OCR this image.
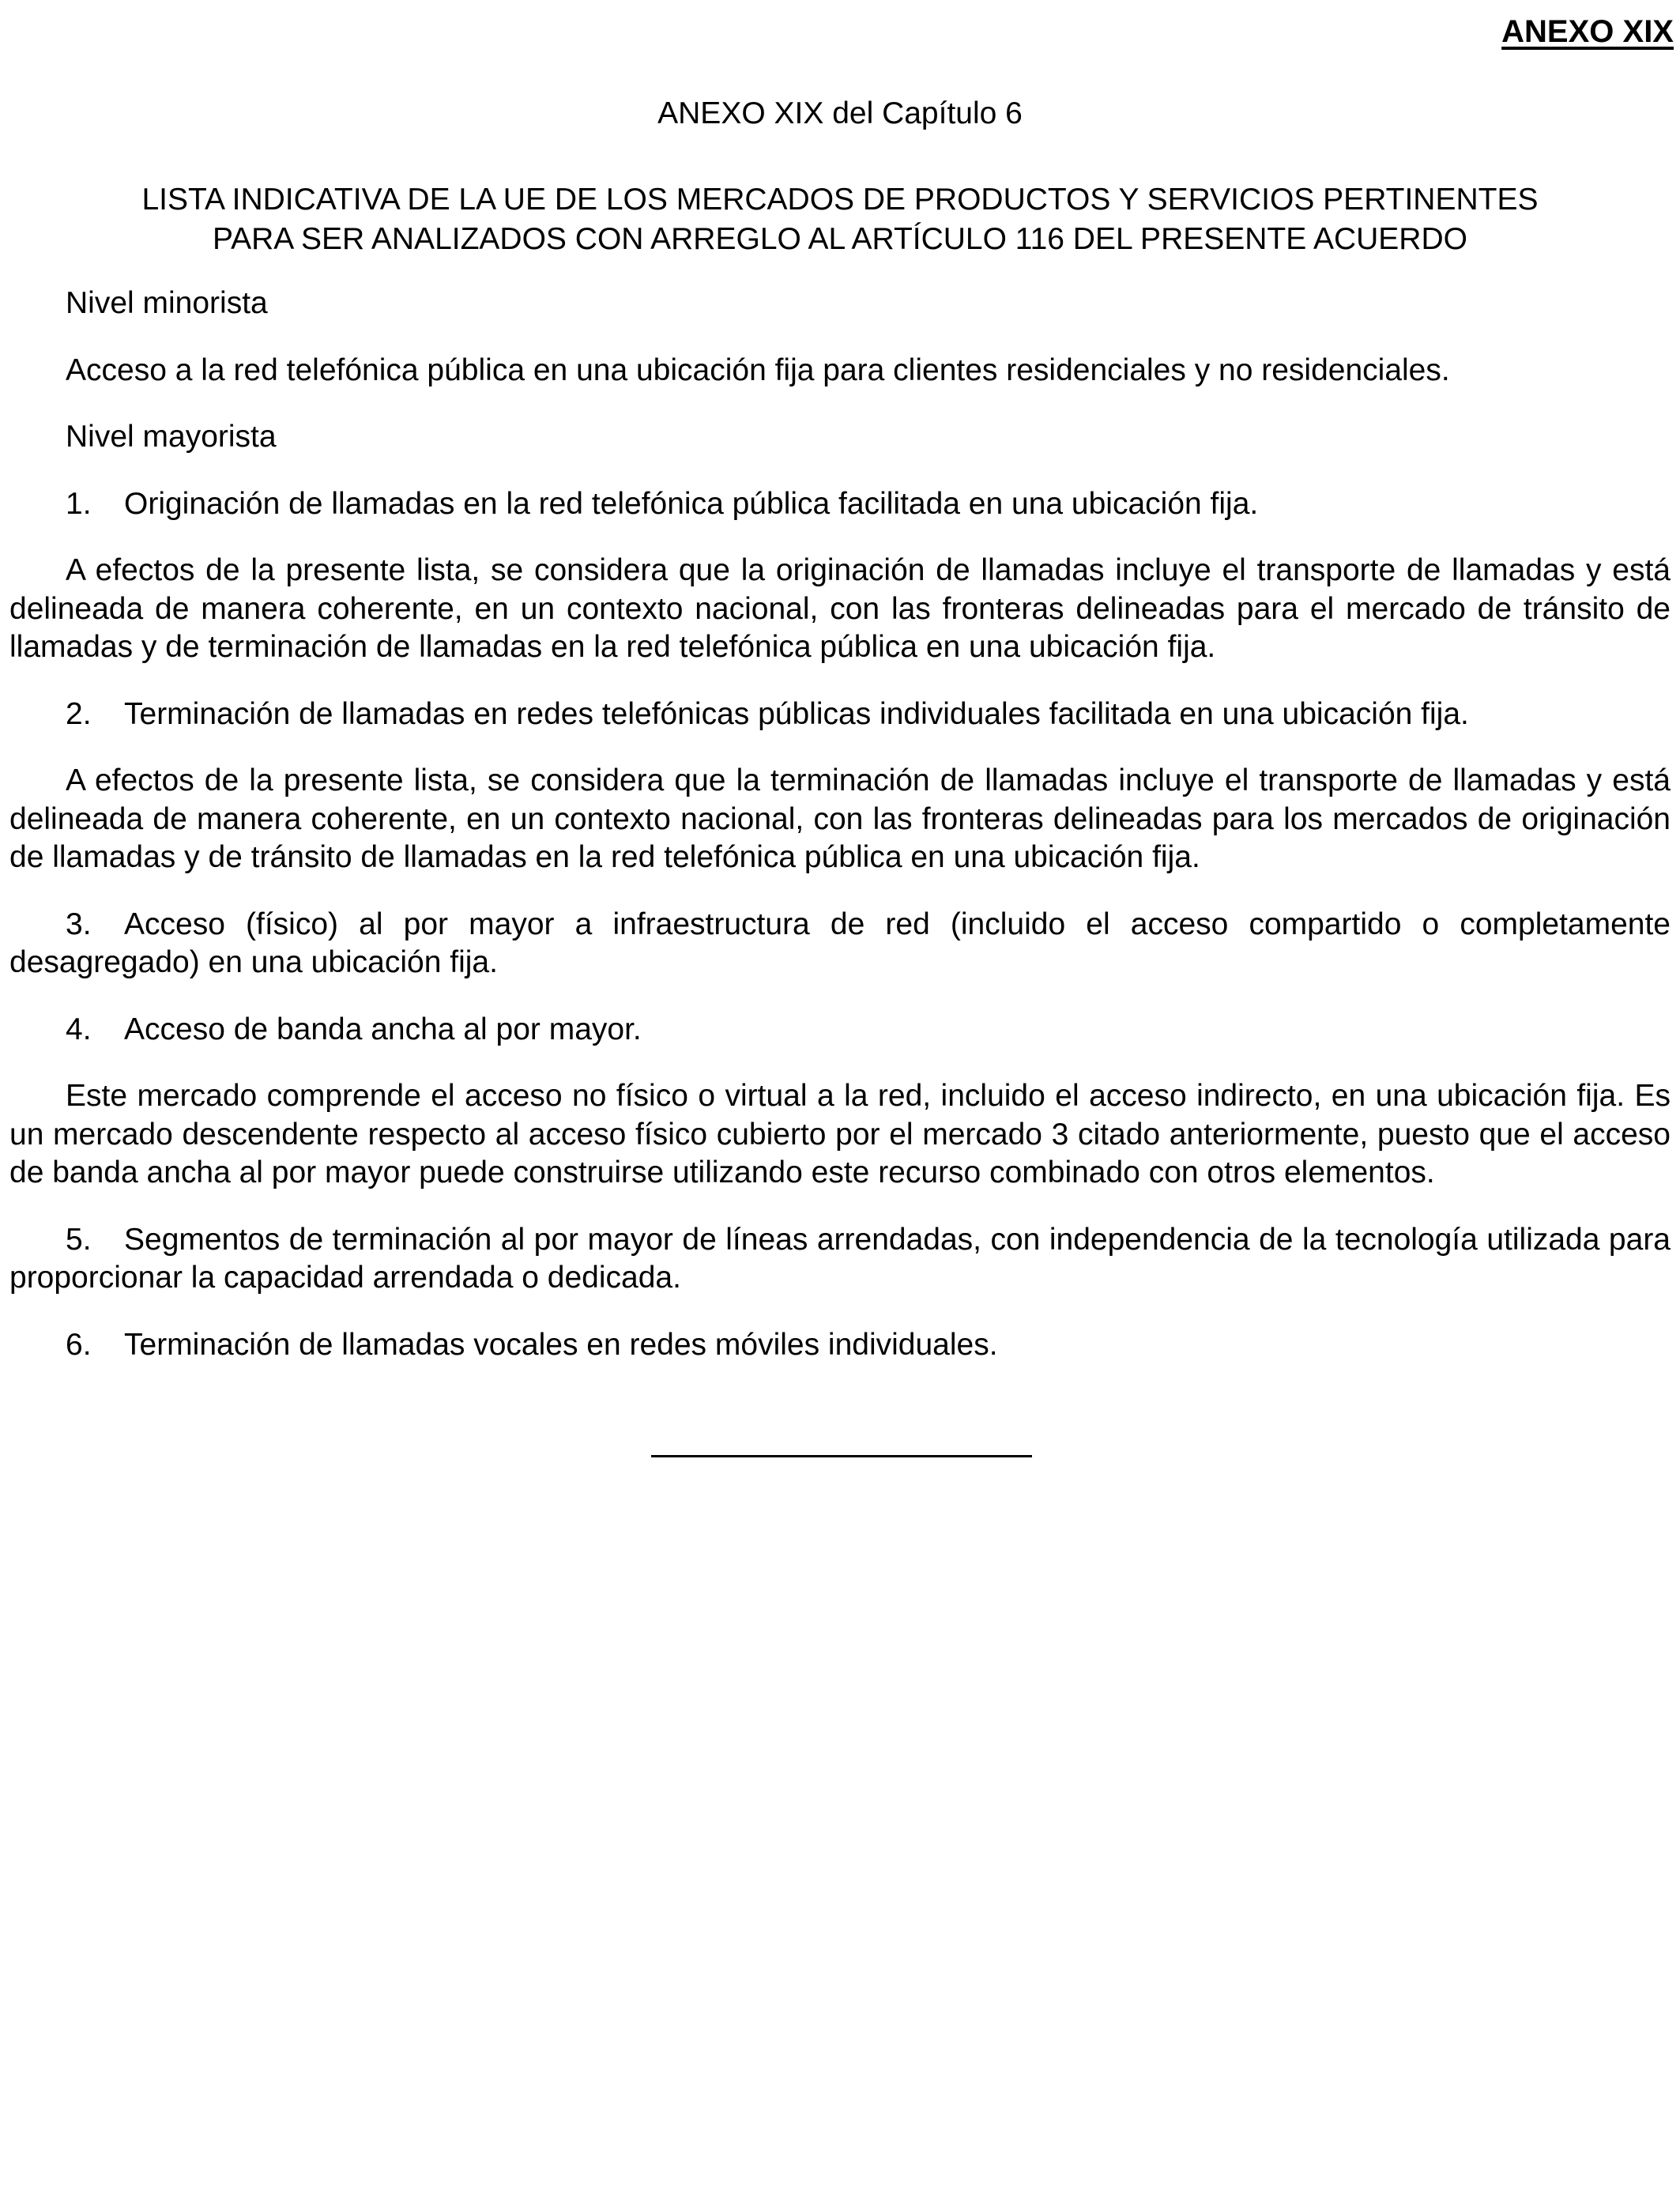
ANEXO XIX
ANEXO XIX del Capítulo 6
LISTA INDICATIVA DE LA UE DE LOS MERCADOS DE PRODUCTOS Y SERVICIOS PERTINENTES
PARA SER ANALIZADOS CON ARREGLO AL ARTÍCULO 116 DEL PRESENTE ACUERDO
Nivel minorista

Acceso a la red telefónica pública en una ubicación fija para clientes residenciales y no residenciales.

Nivel mayorista

1. Originación de llamadas en la red telefónica pública facilitada en una ubicación fija.

A efectos de la presente lista, se considera que la originación de llamadas incluye el transporte de llamadas y está delineada de manera coherente, en un contexto nacional, con las fronteras delineadas para el mercado de tránsito de llamadas y de terminación de llamadas en la red telefónica pública en una ubicación fija.

2. Terminación de llamadas en redes telefónicas públicas individuales facilitada en una ubicación fija.

A efectos de la presente lista, se considera que la terminación de llamadas incluye el transporte de llamadas y está delineada de manera coherente, en un contexto nacional, con las fronteras delineadas para los mercados de originación de llamadas y de tránsito de llamadas en la red telefónica pública en una ubicación fija.

3. Acceso (físico) al por mayor a infraestructura de red (incluido el acceso compartido o completamente desagregado) en una ubicación fija.

4. Acceso de banda ancha al por mayor.

Este mercado comprende el acceso no físico o virtual a la red, incluido el acceso indirecto, en una ubicación fija. Es un mercado descendente respecto al acceso físico cubierto por el mercado 3 citado anteriormente, puesto que el acceso de banda ancha al por mayor puede construirse utilizando este recurso combinado con otros elementos.

5. Segmentos de terminación al por mayor de líneas arrendadas, con independencia de la tecnología utilizada para proporcionar la capacidad arrendada o dedicada.

6. Terminación de llamadas vocales en redes móviles individuales.
